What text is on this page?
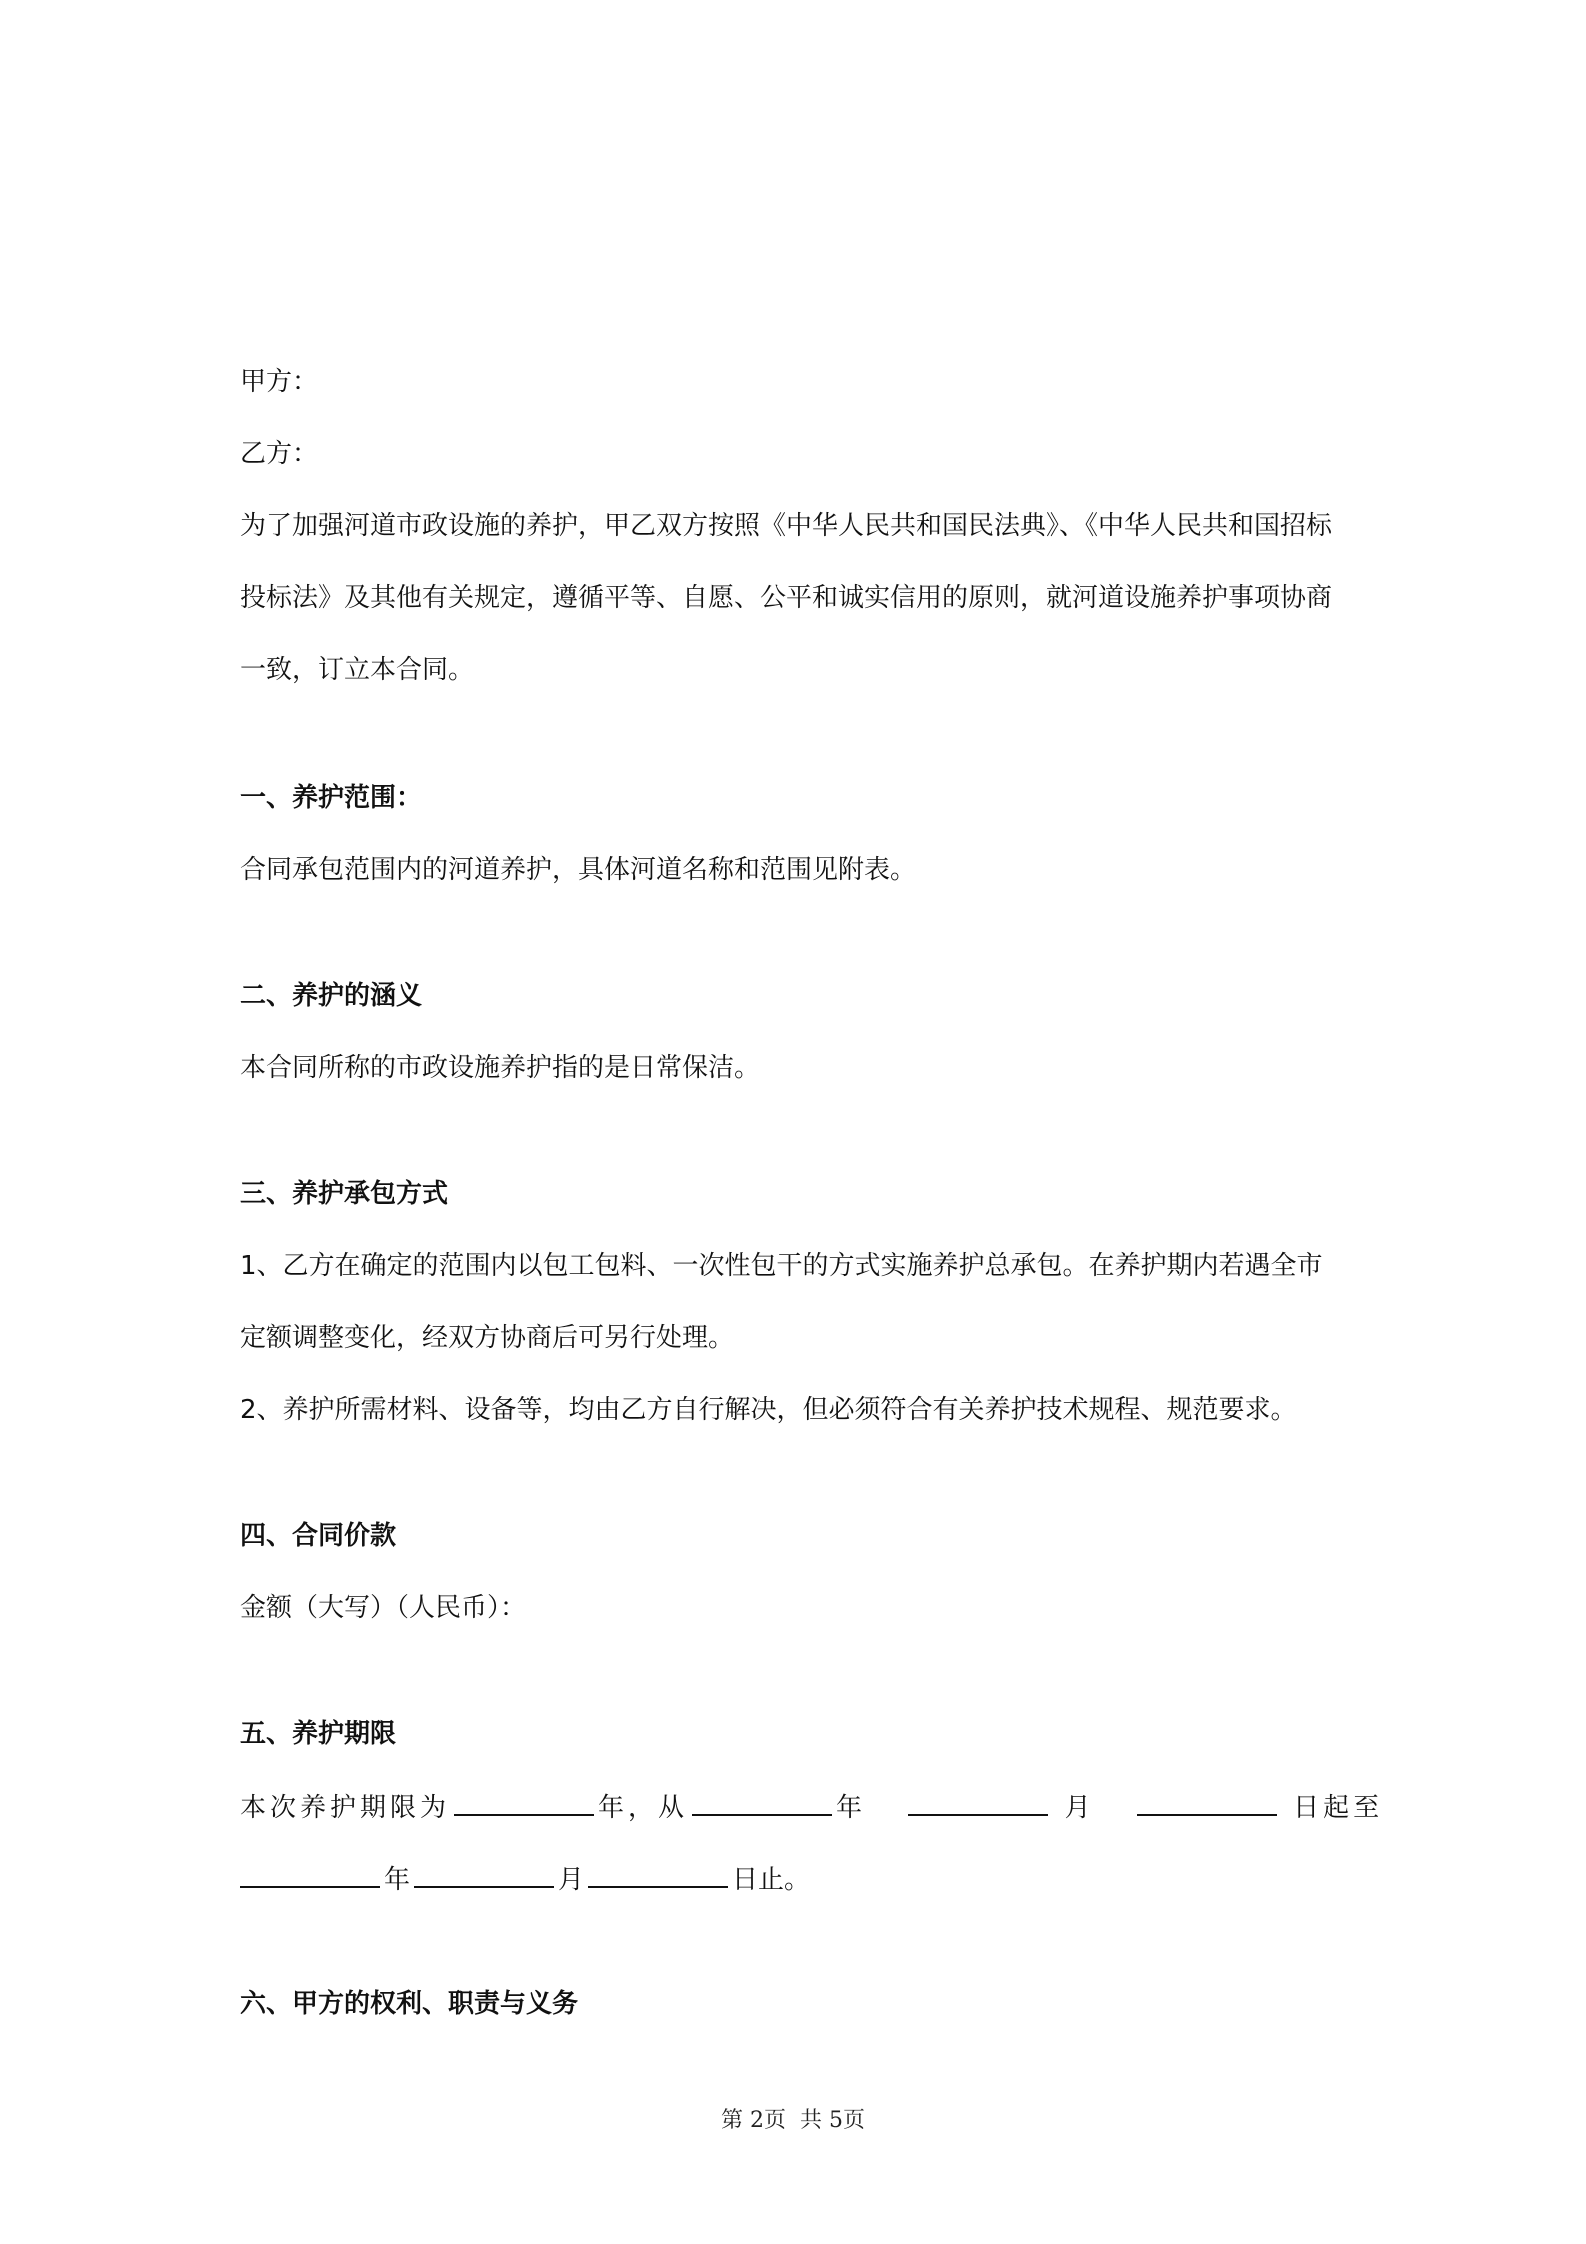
甲方：
乙方：
为了加强河道市政设施的养护，甲乙双方按照《中华人民共和国民法典》、《中华人民共和国招标
投标法》及其他有关规定，遵循平等、自愿、公平和诚实信用的原则，就河道设施养护事项协商
一致，订立本合同。
一、养护范围：
合同承包范围内的河道养护，具体河道名称和范围见附表。
二、养护的涵义
本合同所称的市政设施养护指的是日常保洁。
三、养护承包方式
1、乙方在确定的范围内以包工包料、一次性包干的方式实施养护总承包。在养护期内若遇全市
定额调整变化，经双方协商后可另行处理。
2、养护所需材料、设备等，均由乙方自行解决，但必须符合有关养护技术规程、规范要求。
四、合同价款
金额（大写）（人民币）：
五、养护期限
本次养护期限为	年，从	年	月	日起至
年	月	日止。
六、甲方的权利、职责与义务
第 2页 共 5页
